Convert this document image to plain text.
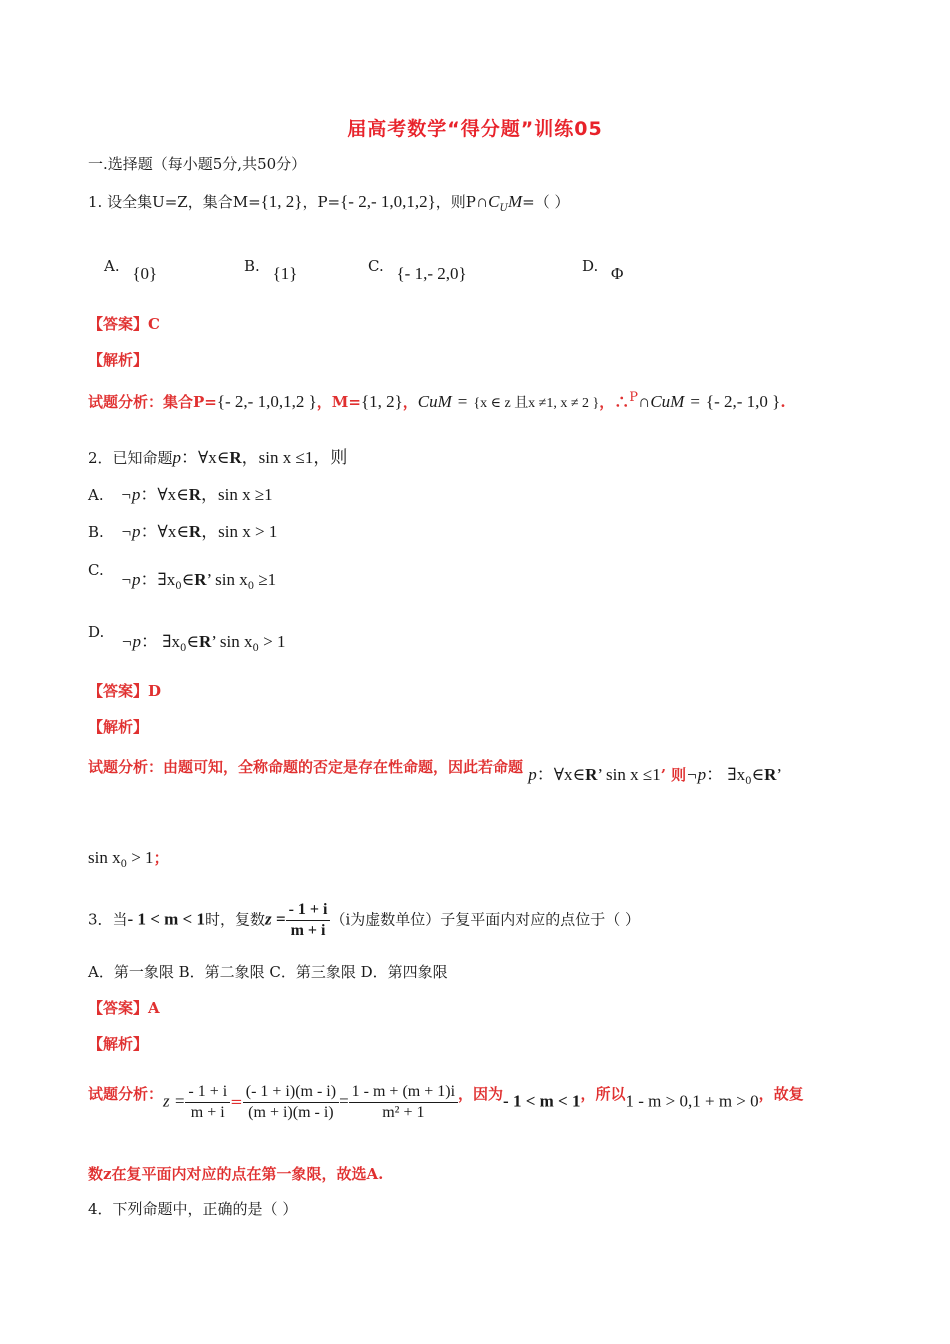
届高考数学“得分题”训练05
一.选择题（每小题5分,共50分）
1. 设全集U=Z，集合M={1, 2}，P={- 2,- 1,0,1,2}，则$P\cap C_UM=$（ ）
A. {0}	B. {1}	C. {- 1,- 2,0}	D. Φ
【答案】C
【解析】
试题分析：集合P={- 2,- 1,0,1,2 }，M={1, 2}，CuM = {x ∈ z 且x ≠1, x ≠ 2 }，∴P∩CuM = {- 2,- 1,0 }.
2．已知命题p：∀x∈R，sin x ≤1，则
A. ¬p：∀x∈R，sin x ≥1
B. ¬p：∀x∈R，sin x > 1
C. ¬p：$\exists x_0\in R$’ $\sin x_0 \ge 1$
D. ¬p： $\exists x_0\in R$’ $\sin x_0 > 1$
【答案】D
【解析】
试题分析：由题可知，全称命题的否定是存在性命题，因此若命题 p：∀x∈R’ sin x ≤1’ 则¬p： $\exists x_0\in R$’
$\sin x_0 > 1$；
3．当- 1 < m < 1时，复数$z = \frac{- 1 + i}{m + i} (i$为虚数单位）子复平面内对应的点位于（ ）
A．第一象限 B．第二象限 C．第三象限 D．第四象限
【答案】A
【解析】
试题分析：$z = \frac{- 1 + i}{m + i} = \frac{(- 1 + i)(m - i)}{(m + i)(m - i)} = \frac{1 - m + (m + 1)i}{\text{m² + 1}}$ ，因为- 1 < m < 1，所以1 - m > 0,1 + m > 0，故复
数z在复平面内对应的点在第一象限，故选A.
4．下列命题中，正确的是（ ）
